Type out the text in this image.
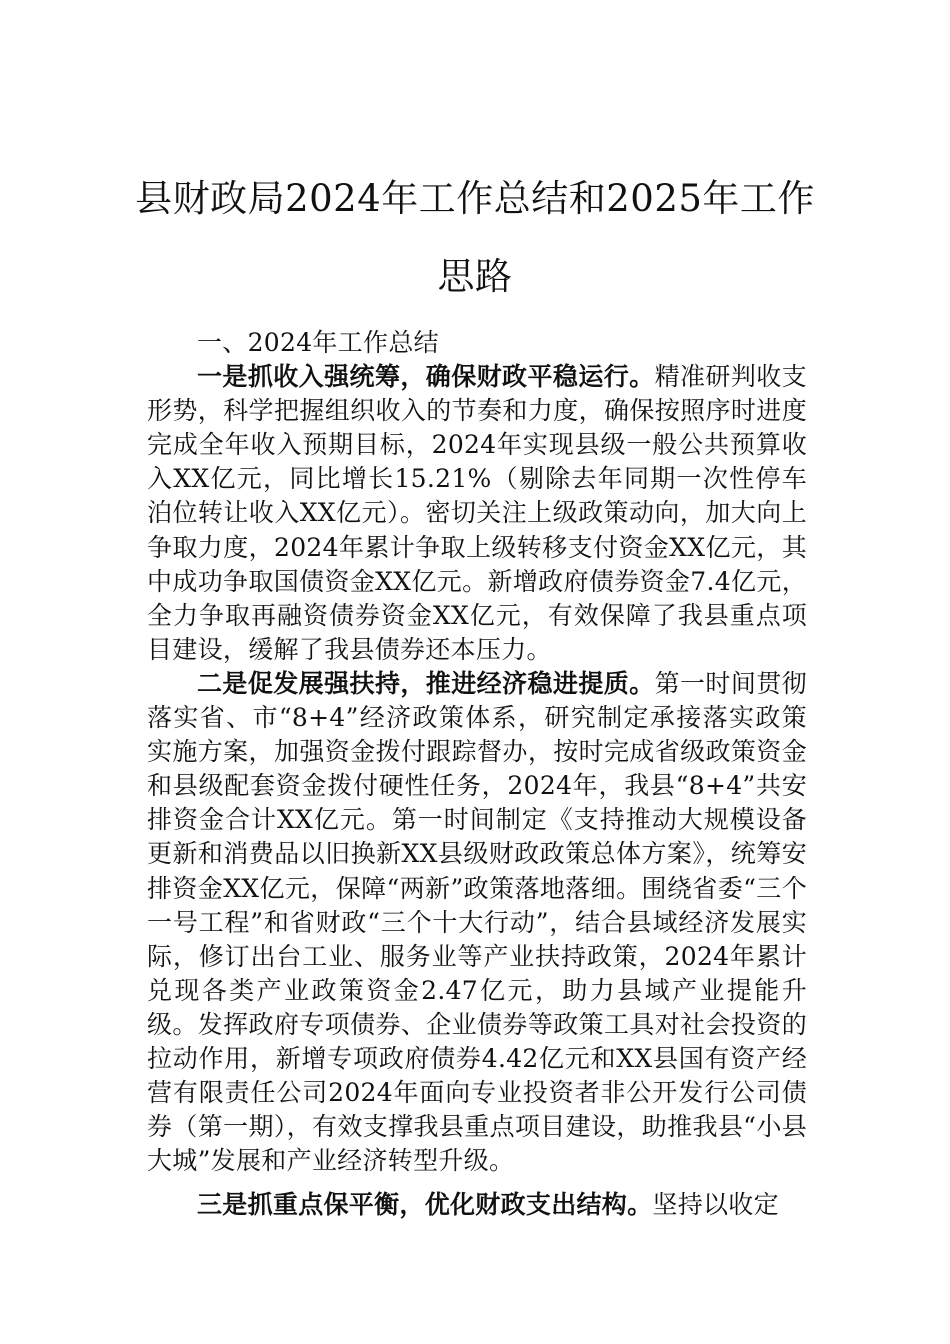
县财政局2024年工作总结和2025年工作思路

一、2024年工作总结

一是抓收入强统筹，确保财政平稳运行。精准研判收支形势，科学把握组织收入的节奏和力度，确保按照序时进度完成全年收入预期目标，2024年实现县级一般公共预算收入XX亿元，同比增长15.21%（剔除去年同期一次性停车泊位转让收入XX亿元）。密切关注上级政策动向，加大向上争取力度，2024年累计争取上级转移支付资金XX亿元，其中成功争取国债资金XX亿元。新增政府债券资金7.4亿元，全力争取再融资债券资金XX亿元，有效保障了我县重点项目建设，缓解了我县债券还本压力。

二是促发展强扶持，推进经济稳进提质。第一时间贯彻落实省、市“8+4”经济政策体系，研究制定承接落实政策实施方案，加强资金拨付跟踪督办，按时完成省级政策资金和县级配套资金拨付硬性任务，2024年，我县“8+4”共安排资金合计XX亿元。第一时间制定《支持推动大规模设备更新和消费品以旧换新XX县级财政政策总体方案》，统筹安排资金XX亿元，保障“两新”政策落地落细。围绕省委“三个一号工程”和省财政“三个十大行动”，结合县域经济发展实际，修订出台工业、服务业等产业扶持政策，2024年累计兑现各类产业政策资金2.47亿元，助力县域产业提能升级。发挥政府专项债券、企业债券等政策工具对社会投资的拉动作用，新增专项政府债券4.42亿元和XX县国有资产经营有限责任公司2024年面向专业投资者非公开发行公司债券（第一期），有效支撑我县重点项目建设，助推我县“小县大城”发展和产业经济转型升级。

三是抓重点保平衡，优化财政支出结构。坚持以收定
